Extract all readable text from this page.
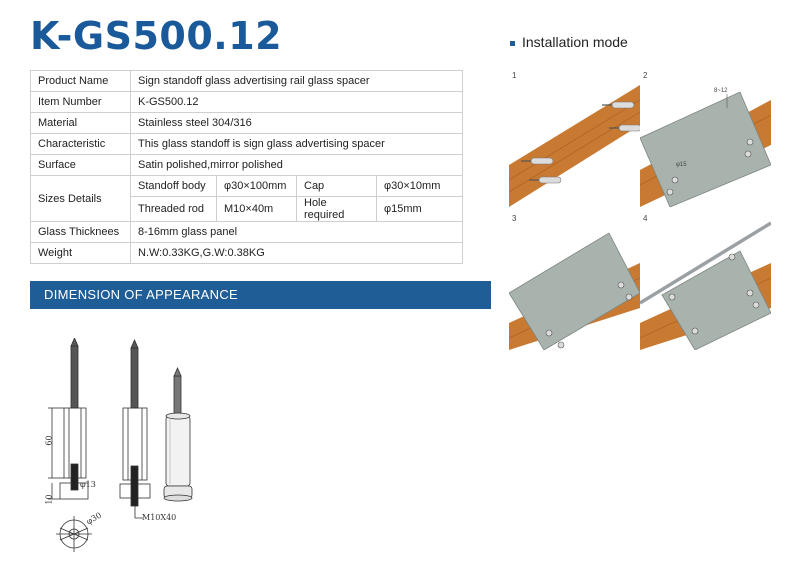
K-GS500.12
Product Name	Sign standoff glass advertising rail glass spacer			
Item Number	K-GS500.12			
Material	Stainless steel 304/316			
Characteristic	This glass standoff is sign glass advertising spacer			
Surface	Satin polished,mirror polished			
Sizes Details	Standoff body	φ30×100mm	Cap	φ30×10mm
	Threaded rod	M10×40m	Hole required	φ15mm
Glass Thicknees	8-16mm glass panel			
Weight	N.W:0.33KG,G.W:0.38KG			
DIMENSION OF APPEARANCE
Installation mode
1	2
8~12
φ15
3	4
60
10
φ13
φ30	M10X40
